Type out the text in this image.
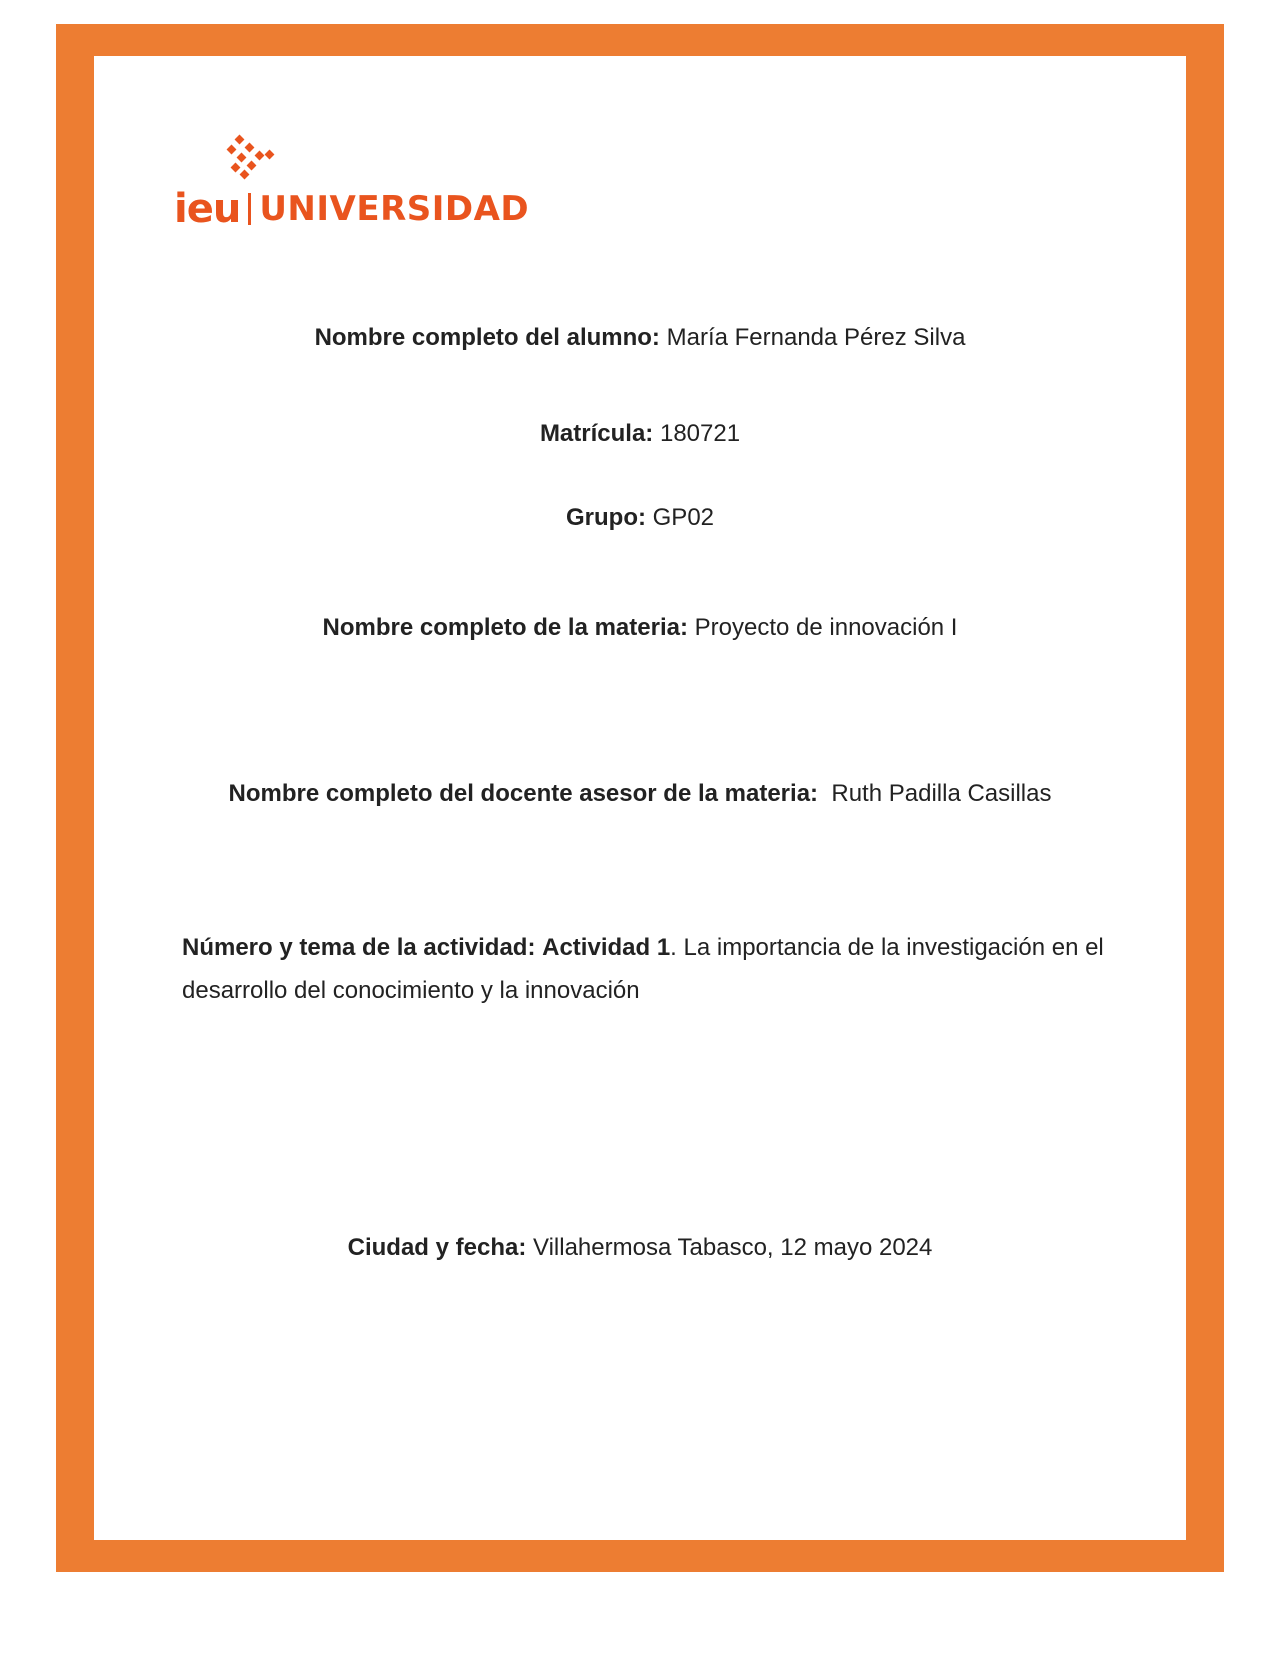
ieu UNIVERSIDAD
Nombre completo del alumno: María Fernanda Pérez Silva
Matrícula: 180721
Grupo: GP02
Nombre completo de la materia: Proyecto de innovación I
Nombre completo del docente asesor de la materia: Ruth Padilla Casillas
Número y tema de la actividad: Actividad 1. La importancia de la investigación en el desarrollo del conocimiento y la innovación
Ciudad y fecha: Villahermosa Tabasco, 12 mayo 2024
